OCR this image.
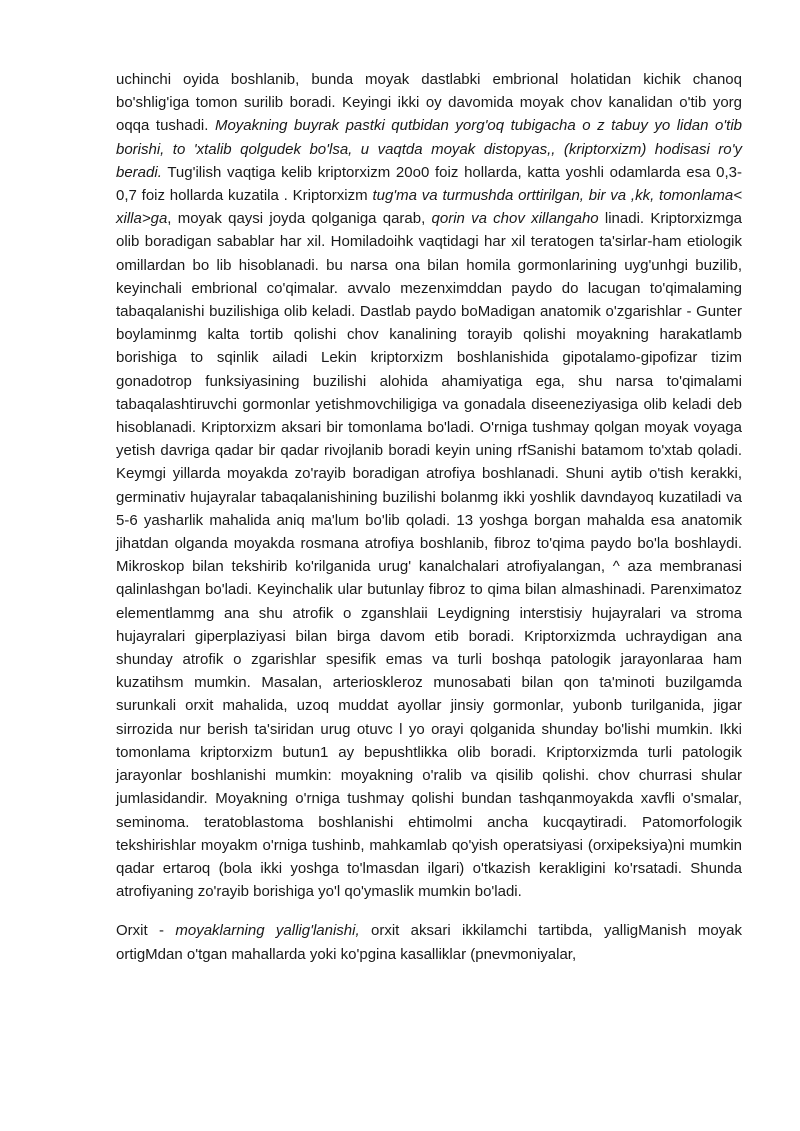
uchinchi oyida boshlanib, bunda moyak dastlabki embrional holatidan kichik chanoq bo'shlig'iga tomon surilib boradi. Keyingi ikki oy davomida moyak chov kanalidan o'tib yorg oqqa tushadi. Moyakning buyrak pastki qutbidan yorg'oq tubigacha o z tabuy yo lidan o'tib borishi, to 'xtalib qolgudek bo'lsa, и vaqtda moyak distopyas,, (kriptorxizm) hodisasi ro'y beradi. Tug'ilish vaqtiga kelib kriptorxizm 20o0 foiz hollarda, katta yoshli odamlarda esa 0,3-0,7 foiz hollarda kuzatila . Kriptorxizm tug'ma va turmushda orttirilgan, bir va ,kk, tomonlama< xilla>ga, moyak qaysi joyda qolganiga qarab, qorin va chov xillangaho linadi. Kriptorxizmga olib boradigan sabablar har xil. Homiladoihk vaqtidagi har xil teratogen ta'sirlar-ham etiologik omillardan bo lib hisoblanadi. bu narsa ona bilan homila gormonlarining uyg'unhgi buzilib, keyinchali embrional co'qimalar. avvalo mezenximddan paydo do lacugan to'qimalaming tabaqalanishi buzilishiga olib keladi. Dastlab paydo boMadigan anatomik o'zgarishlar - Gunter boylaminmg kalta tortib qolishi chov kanalining torayib qolishi moyakning harakatlamb borishiga to sqinlik ailadi Lekin kriptorxizm boshlanishida gipotalamo-gipofizar tizim gonadotrop funksiyasining buzilishi alohida ahamiyatiga ega, shu narsa to'qimalami tabaqalashtiruvchi gormonlar yetishmovchiligiga va gonadala diseeneziyasiga olib keladi deb hisoblanadi. Kriptorxizm aksari bir tomonlama bo'ladi. O'rniga tushmay qolgan moyak voyaga yetish davriga qadar bir qadar rivojlanib boradi keyin uning rfSanishi batamom to'xtab qoladi. Keymgi yillarda moyakda zo'rayib boradigan atrofiya boshlanadi. Shuni aytib o'tish kerakki, germinativ hujayralar tabaqalanishining buzilishi bolanmg ikki yoshlik davndayoq kuzatiladi va 5-6 yasharlik mahalida aniq ma'lum bo'lib qoladi. 13 yoshga borgan mahalda esa anatomik jihatdan olganda moyakda rosmana atrofiya boshlanib, fibroz to'qima paydo bo'la boshlaydi. Mikroskop bilan tekshirib ko'rilganida urug' kanalchalari atrofiyalangan, ^ aza membranasi qalinlashgan bo'ladi. Keyinchalik ular butunlay fibroz to qima bilan almashinadi. Parenximatoz elementlammg ana shu atrofik o zganshlaii Leydigning interstisiy hujayralari va stroma hujayralari giperplaziyasi bilan birga davom etib boradi. Kriptorxizmda uchraydigan ana shunday atrofik o zgarishlar spesifik emas va turli boshqa patologik jarayonlaraa ham kuzatihsm mumkin. Masalan, arterioskleroz munosabati bilan qon ta'minoti buzilgamda surunkali orxit mahalida, uzoq muddat ayollar jinsiy gormonlar, yubonb turilganida, jigar sirrozida nur berish ta'siridan urug otuvc l yo orayi qolganida shunday bo'lishi mumkin. Ikki tomonlama kriptorxizm butun1 ay bepushtlikka olib boradi. Kriptorxizmda turli patologik jarayonlar boshlanishi mumkin: moyakning o'ralib va qisilib qolishi. chov churrasi shular jumlasidandir. Moyakning o'rniga tushmay qolishi bundan tashqanmoyakda xavfli o'smalar, seminoma. teratoblastoma boshlanishi ehtimolmi ancha kucqaytiradi. Patomorfologik tekshirishlar moyakm o'rniga tushinb, mahkamlab qo'yish operatsiyasi (orxipeksiya)ni mumkin qadar ertaroq (bola ikki yoshga to'lmasdan ilgari) o'tkazish kerakligini ko'rsatadi. Shunda atrofiyaning zo'rayib borishiga yo'l qo'ymaslik mumkin bo'ladi.

Orxit - moyaklarning yallig'lanishi, orxit aksari ikkilamchi tartibda, yalligManish moyak ortigMdan o'tgan mahallarda yoki ko'pgina kasalliklar (pnevmoniyalar,
